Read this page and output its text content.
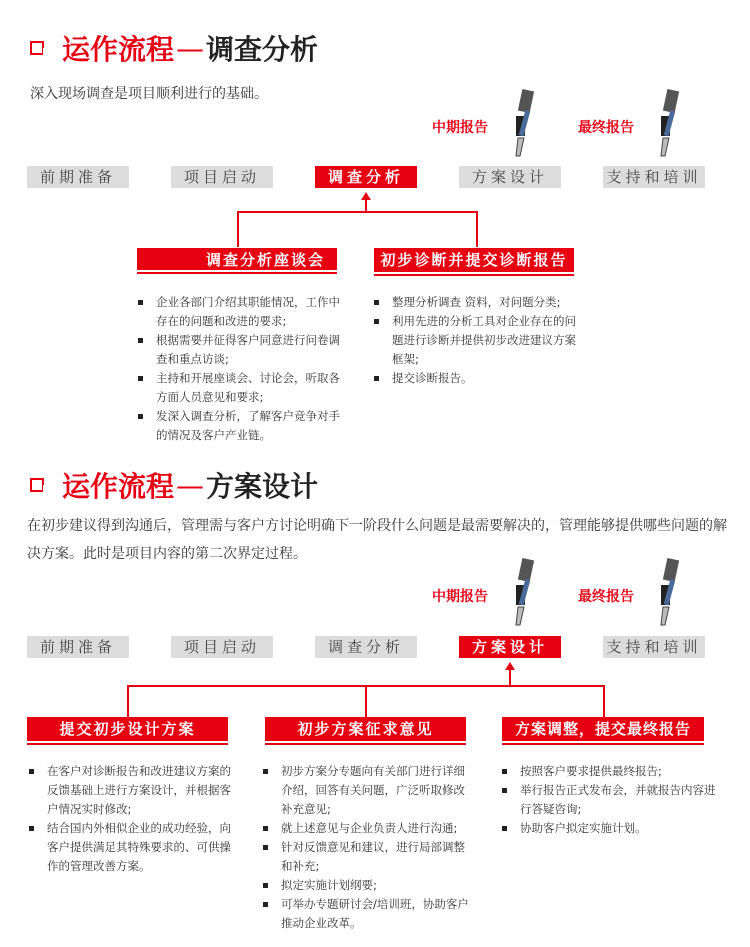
运作流程 — 调查分析
深入现场调查是项目顺利进行的基础。
中期报告	最终报告
前期准备	项目启动	调查分析	方案设计	支持和培训
调查分析座谈会	初步诊断并提交诊断报告
企业各部门介绍其职能情况，工作中存在的问题和改进的要求;
根据需要并征得客户同意进行问卷调查和重点访谈;
主持和开展座谈会、讨论会，听取各方面人员意见和要求;
发深入调查分析，了解客户竞争对手的情况及客户产业链。
整理分析调查 资料，对问题分类;
利用先进的分析工具对企业存在的问题进行诊断并提供初步改进建议方案框架;
提交诊断报告。
运作流程 — 方案设计
在初步建议得到沟通后，管理需与客户方讨论明确下一阶段什么问题是最需要解决的，管理能够提供哪些问题的解决方案。此时是项目内容的第二次界定过程。
中期报告	最终报告
前期准备	项目启动	调查分析	方案设计	支持和培训
提交初步设计方案	初步方案征求意见	方案调整，提交最终报告
在客户对诊断报告和改进建议方案的反馈基础上进行方案设计，并根据客户情况实时修改;
结合国内外相似企业的成功经验，向客户提供满足其特殊要求的、可供操作的管理改善方案。
初步方案分专题向有关部门进行详细介绍，回答有关问题，广泛听取修改补充意见;
就上述意见与企业负责人进行沟通;
针对反馈意见和建议，进行局部调整和补充;
拟定实施计划纲要;
可举办专题研讨会/培训班，协助客户推动企业改革。
按照客户要求提供最终报告;
举行报告正式发布会，并就报告内容进行答疑咨询;
协助客户拟定实施计划。
